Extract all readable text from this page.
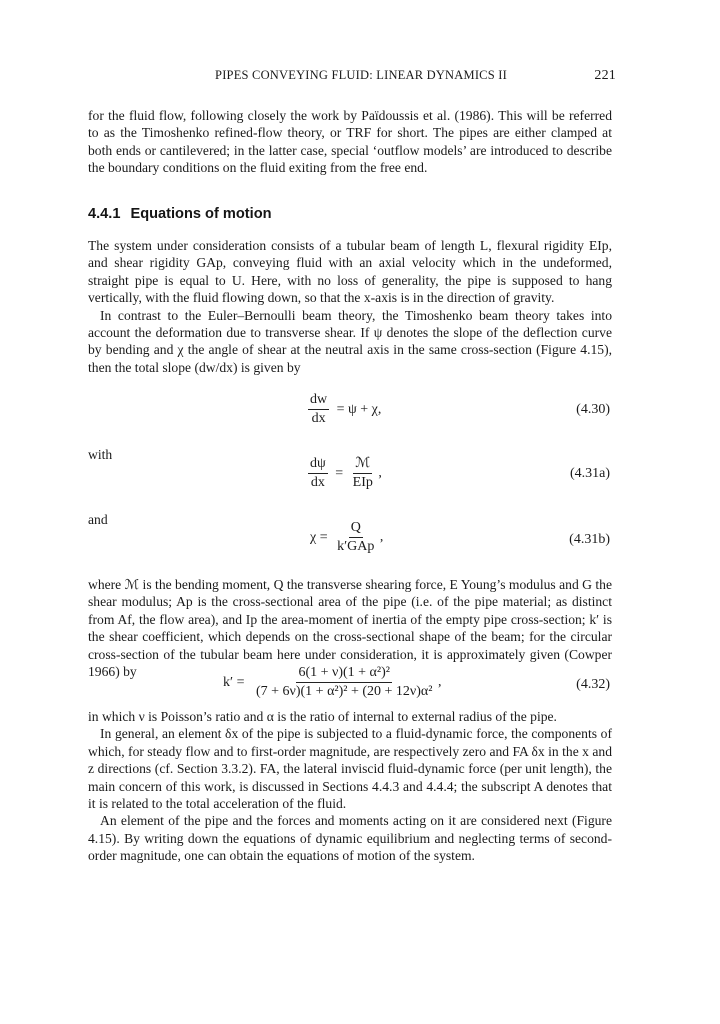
PIPES CONVEYING FLUID: LINEAR DYNAMICS II	221

for the fluid flow, following closely the work by Païdoussis et al. (1986). This will be referred to as the Timoshenko refined-flow theory, or TRF for short. The pipes are either clamped at both ends or cantilevered; in the latter case, special ‘outflow models’ are introduced to describe the boundary conditions on the fluid exiting from the free end.

4.4.1 Equations of motion

The system under consideration consists of a tubular beam of length L, flexural rigidity EIp, and shear rigidity GAp, conveying fluid with an axial velocity which in the undeformed, straight pipe is equal to U. Here, with no loss of generality, the pipe is supposed to hang vertically, with the fluid flowing down, so that the x-axis is in the direction of gravity.

In contrast to the Euler–Bernoulli beam theory, the Timoshenko beam theory takes into account the deformation due to transverse shear. If ψ denotes the slope of the deflection curve by bending and χ the angle of shear at the neutral axis in the same cross-section (Figure 4.15), then the total slope (dw/dx) is given by

$\frac{dw}{dx} = \psi + \chi$,	(4.30)
with
$\frac{d\psi}{dx} = \frac{\text{ℳ}}{\text{EIp}}$ ,	(4.31a)
and
$\chi = \frac{Q}{\text{k′GAp}}$ ,	(4.31b)

where ℳ is the bending moment, Q the transverse shearing force, E Young’s modulus and G the shear modulus; Ap is the cross-sectional area of the pipe (i.e. of the pipe material; as distinct from Af, the flow area), and Ip the area-moment of inertia of the empty pipe cross-section; k′ is the shear coefficient, which depends on the cross-sectional shape of the beam; for the circular cross-section of the tubular beam here under consideration, it is approximately given (Cowper 1966) by

$k' = \frac{\text{6(1 + ν)(1 + α²)²}}{\text{(7 + 6ν)(1 + α²)² + (20 + 12ν)α²}}$ ,	(4.32)

in which ν is Poisson’s ratio and α is the ratio of internal to external radius of the pipe.

In general, an element δx of the pipe is subjected to a fluid-dynamic force, the components of which, for steady flow and to first-order magnitude, are respectively zero and FA δx in the x and z directions (cf. Section 3.3.2). FA, the lateral inviscid fluid-dynamic force (per unit length), the main concern of this work, is discussed in Sections 4.4.3 and 4.4.4; the subscript A denotes that it is related to the total acceleration of the fluid.

An element of the pipe and the forces and moments acting on it are considered next (Figure 4.15). By writing down the equations of dynamic equilibrium and neglecting terms of second-order magnitude, one can obtain the equations of motion of the system.
